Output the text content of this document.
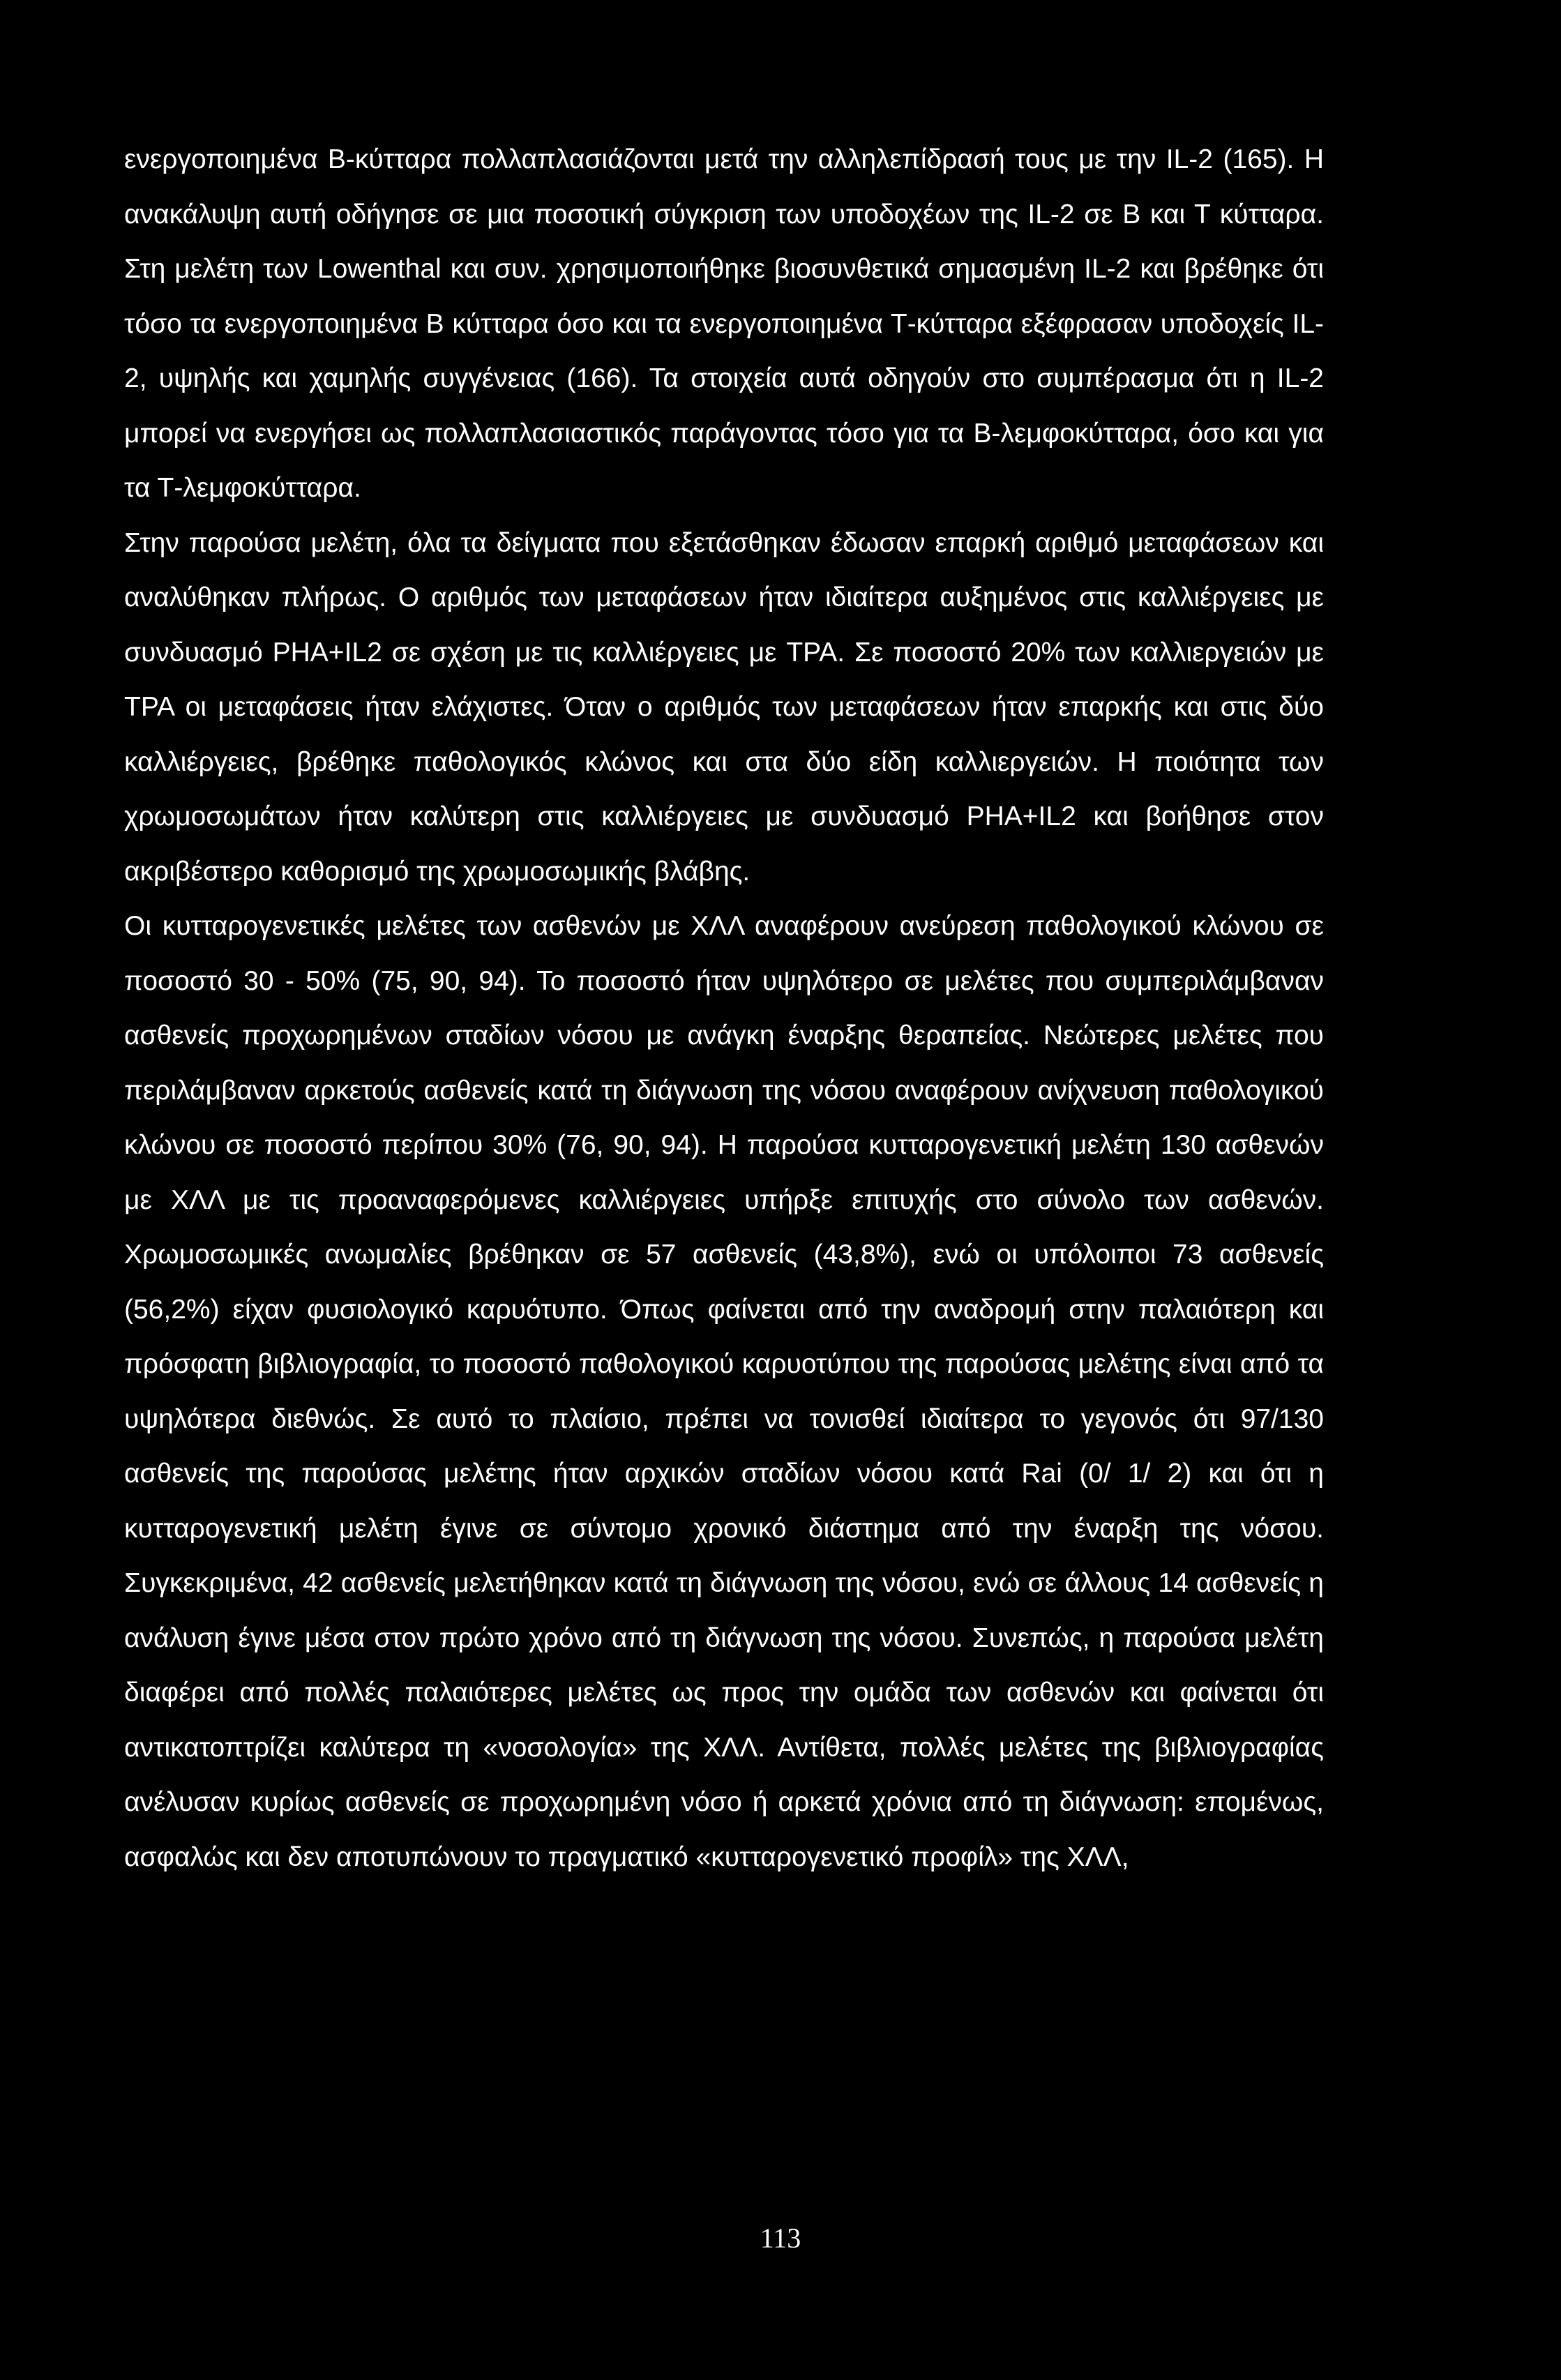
ενεργοποιημένα Β-κύτταρα πολλαπλασιάζονται μετά την αλληλεπίδρασή τους με την IL-2 (165). Η ανακάλυψη αυτή οδήγησε σε μια ποσοτική σύγκριση των υποδοχέων της IL-2 σε Β και Τ κύτταρα. Στη μελέτη των Lowenthal και συν. χρησιμοποιήθηκε βιοσυνθετικά σημασμένη IL-2 και βρέθηκε ότι τόσο τα ενεργοποιημένα Β κύτταρα όσο και τα ενεργοποιημένα Τ-κύτταρα εξέφρασαν υποδοχείς IL-2, υψηλής και χαμηλής συγγένειας (166). Τα στοιχεία αυτά οδηγούν στο συμπέρασμα ότι η IL-2 μπορεί να ενεργήσει ως πολλαπλασιαστικός παράγοντας τόσο για τα Β-λεμφοκύτταρα, όσο και για τα Τ-λεμφοκύτταρα.

Στην παρούσα μελέτη, όλα τα δείγματα που εξετάσθηκαν έδωσαν επαρκή αριθμό μεταφάσεων και αναλύθηκαν πλήρως. Ο αριθμός των μεταφάσεων ήταν ιδιαίτερα αυξημένος στις καλλιέργειες με συνδυασμό PHA+IL2 σε σχέση με τις καλλιέργειες με TPA. Σε ποσοστό 20% των καλλιεργειών με TPA οι μεταφάσεις ήταν ελάχιστες. Όταν ο αριθμός των μεταφάσεων ήταν επαρκής και στις δύο καλλιέργειες, βρέθηκε παθολογικός κλώνος και στα δύο είδη καλλιεργειών. Η ποιότητα των χρωμοσωμάτων ήταν καλύτερη στις καλλιέργειες με συνδυασμό PHA+IL2 και βοήθησε στον ακριβέστερο καθορισμό της χρωμοσωμικής βλάβης.

Οι κυτταρογενετικές μελέτες των ασθενών με ΧΛΛ αναφέρουν ανεύρεση παθολογικού κλώνου σε ποσοστό 30 - 50% (75, 90, 94). Το ποσοστό ήταν υψηλότερο σε μελέτες που συμπεριλάμβαναν ασθενείς προχωρημένων σταδίων νόσου με ανάγκη έναρξης θεραπείας. Νεώτερες μελέτες που περιλάμβαναν αρκετούς ασθενείς κατά τη διάγνωση της νόσου αναφέρουν ανίχνευση παθολογικού κλώνου σε ποσοστό περίπου 30% (76, 90, 94). Η παρούσα κυτταρογενετική μελέτη 130 ασθενών με ΧΛΛ με τις προαναφερόμενες καλλιέργειες υπήρξε επιτυχής στο σύνολο των ασθενών. Χρωμοσωμικές ανωμαλίες βρέθηκαν σε 57 ασθενείς (43,8%), ενώ οι υπόλοιποι 73 ασθενείς (56,2%) είχαν φυσιολογικό καρυότυπο. Όπως φαίνεται από την αναδρομή στην παλαιότερη και πρόσφατη βιβλιογραφία, το ποσοστό παθολογικού καρυοτύπου της παρούσας μελέτης είναι από τα υψηλότερα διεθνώς. Σε αυτό το πλαίσιο, πρέπει να τονισθεί ιδιαίτερα το γεγονός ότι 97/130 ασθενείς της παρούσας μελέτης ήταν αρχικών σταδίων νόσου κατά Rai (0/ 1/ 2) και ότι η κυτταρογενετική μελέτη έγινε σε σύντομο χρονικό διάστημα από την έναρξη της νόσου. Συγκεκριμένα, 42 ασθενείς μελετήθηκαν κατά τη διάγνωση της νόσου, ενώ σε άλλους 14 ασθενείς η ανάλυση έγινε μέσα στον πρώτο χρόνο από τη διάγνωση της νόσου. Συνεπώς, η παρούσα μελέτη διαφέρει από πολλές παλαιότερες μελέτες ως προς την ομάδα των ασθενών και φαίνεται ότι αντικατοπτρίζει καλύτερα τη «νοσολογία» της ΧΛΛ. Αντίθετα, πολλές μελέτες της βιβλιογραφίας ανέλυσαν κυρίως ασθενείς σε προχωρημένη νόσο ή αρκετά χρόνια από τη διάγνωση: επομένως, ασφαλώς και δεν αποτυπώνουν το πραγματικό «κυτταρογενετικό προφίλ» της ΧΛΛ,

113
